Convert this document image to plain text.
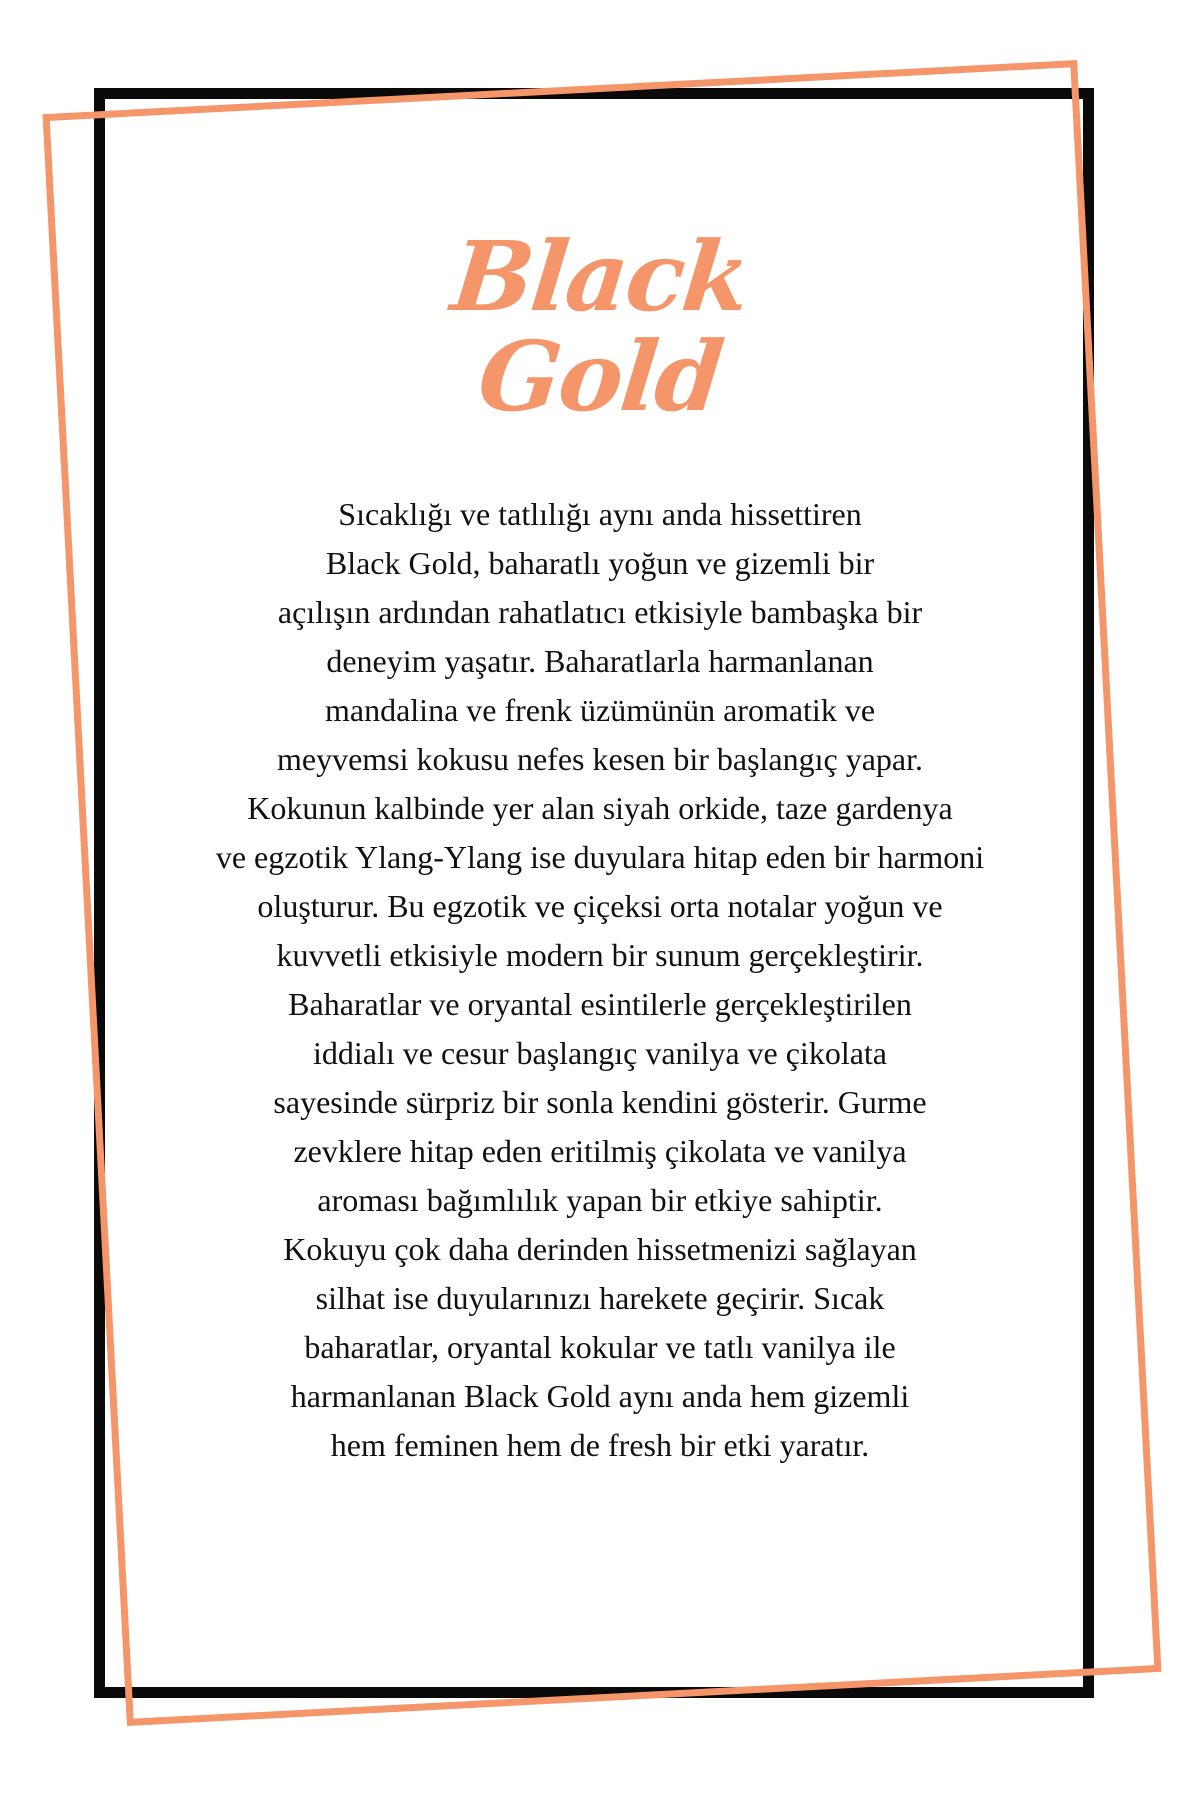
Black
Gold
Sıcaklığı ve tatlılığı aynı anda hissettiren
Black Gold, baharatlı yoğun ve gizemli bir
açılışın ardından rahatlatıcı etkisiyle bambaşka bir
deneyim yaşatır. Baharatlarla harmanlanan
mandalina ve frenk üzümünün aromatik ve
meyvemsi kokusu nefes kesen bir başlangıç yapar.
Kokunun kalbinde yer alan siyah orkide, taze gardenya
ve egzotik Ylang-Ylang ise duyulara hitap eden bir harmoni
oluşturur. Bu egzotik ve çiçeksi orta notalar yoğun ve
kuvvetli etkisiyle modern bir sunum gerçekleştirir.
Baharatlar ve oryantal esintilerle gerçekleştirilen
iddialı ve cesur başlangıç vanilya ve çikolata
sayesinde sürpriz bir sonla kendini gösterir. Gurme
zevklere hitap eden eritilmiş çikolata ve vanilya
aroması bağımlılık yapan bir etkiye sahiptir.
Kokuyu çok daha derinden hissetmenizi sağlayan
silhat ise duyularınızı harekete geçirir. Sıcak
baharatlar, oryantal kokular ve tatlı vanilya ile
harmanlanan Black Gold aynı anda hem gizemli
hem feminen hem de fresh bir etki yaratır.
